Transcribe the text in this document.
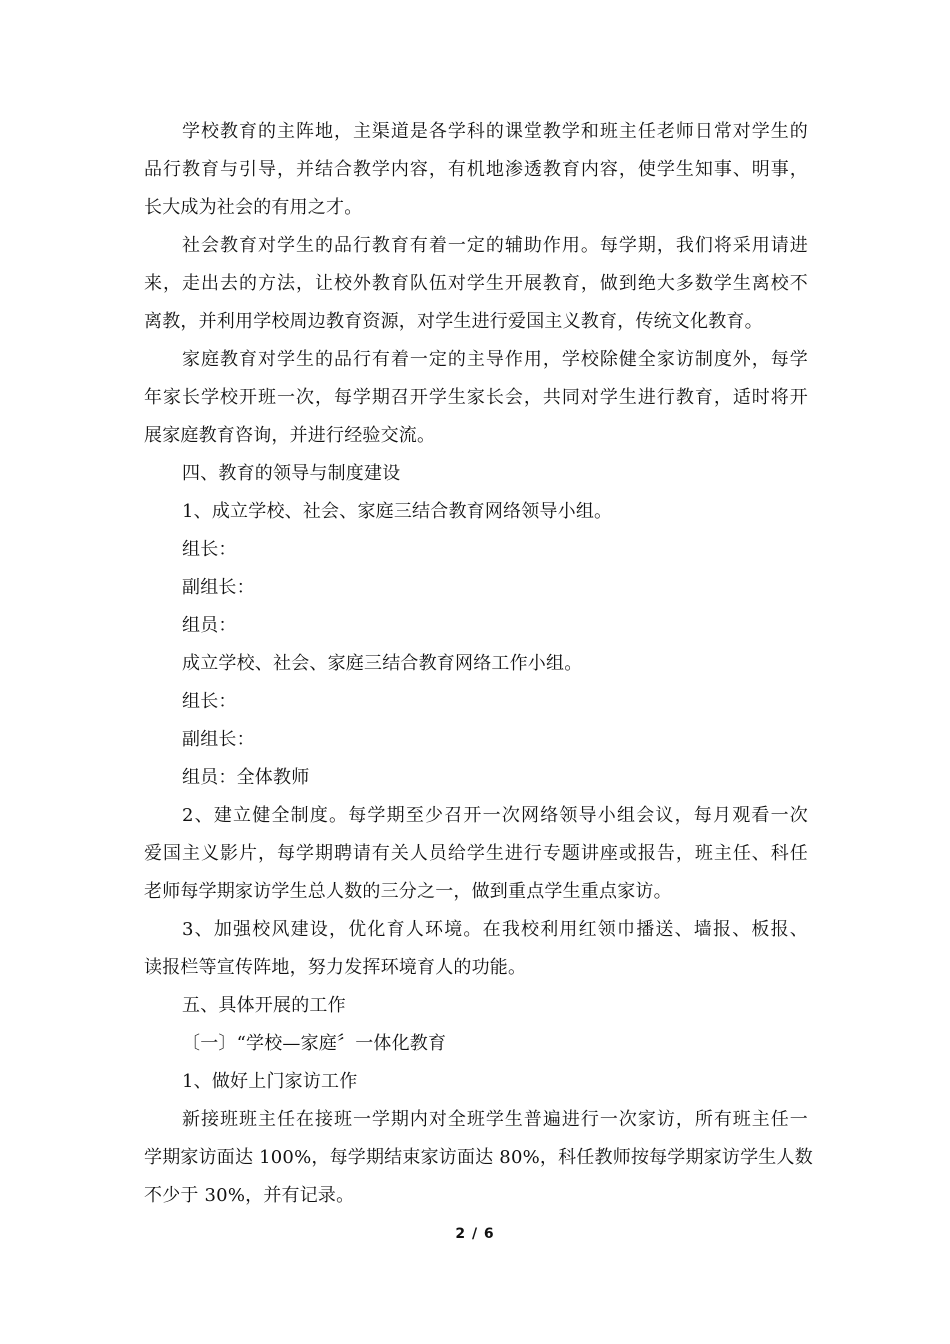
学校教育的主阵地，主渠道是各学科的课堂教学和班主任老师日常对学生的
品行教育与引导，并结合教学内容，有机地渗透教育内容，使学生知事、明事，
长大成为社会的有用之才。
社会教育对学生的品行教育有着一定的辅助作用。每学期，我们将采用请进
来，走出去的方法，让校外教育队伍对学生开展教育，做到绝大多数学生离校不
离教，并利用学校周边教育资源，对学生进行爱国主义教育，传统文化教育。
家庭教育对学生的品行有着一定的主导作用，学校除健全家访制度外，每学
年家长学校开班一次，每学期召开学生家长会，共同对学生进行教育，适时将开
展家庭教育咨询，并进行经验交流。
四、教育的领导与制度建设
1、成立学校、社会、家庭三结合教育网络领导小组。
组长：
副组长：
组员：
成立学校、社会、家庭三结合教育网络工作小组。
组长：
副组长：
组员：全体教师
2、建立健全制度。每学期至少召开一次网络领导小组会议，每月观看一次
爱国主义影片，每学期聘请有关人员给学生进行专题讲座或报告，班主任、科任
老师每学期家访学生总人数的三分之一，做到重点学生重点家访。
3、加强校风建设，优化育人环境。在我校利用红领巾播送、墙报、板报、
读报栏等宣传阵地，努力发挥环境育人的功能。
五、具体开展的工作
〔一〕“学校—家庭〞一体化教育
1、做好上门家访工作
新接班班主任在接班一学期内对全班学生普遍进行一次家访，所有班主任一
学期家访面达 100%，每学期结束家访面达 80%，科任教师按每学期家访学生人数
不少于 30%，并有记录。
2 / 6
